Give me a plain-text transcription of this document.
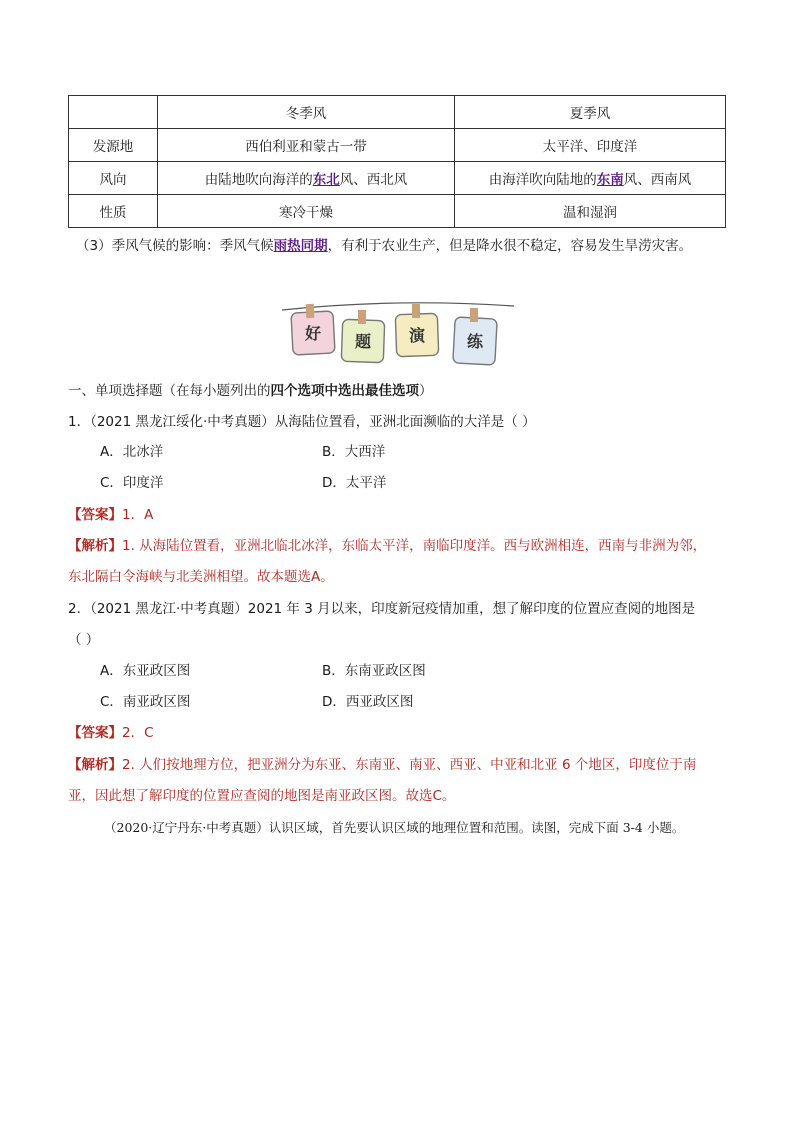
	冬季风	夏季风
发源地	西伯利亚和蒙古一带	太平洋、印度洋
风向	由陆地吹向海洋的东北风、西北风	由海洋吹向陆地的东南风、西南风
性质	寒冷干燥	温和湿润
（3）季风气候的影响：季风气候雨热同期，有利于农业生产，但是降水很不稳定，容易发生旱涝灾害。
好 题 演	练
一、单项选择题（在每小题列出的四个选项中选出最佳选项）
1．（2021 黑龙江绥化·中考真题）从海陆位置看，亚洲北面濒临的大洋是（ ）
A．北冰洋	B．大西洋
C．印度洋	D．太平洋
【答案】1．A
【解析】1. 从海陆位置看，亚洲北临北冰洋，东临太平洋，南临印度洋。西与欧洲相连，西南与非洲为邻，
东北隔白令海峡与北美洲相望。故本题选A。
2．（2021 黑龙江·中考真题）2021 年 3 月以来，印度新冠疫情加重，想了解印度的位置应查阅的地图是
（ ）
A．东亚政区图	B．东南亚政区图
C．南亚政区图	D．西亚政区图
【答案】2．C
【解析】2. 人们按地理方位，把亚洲分为东亚、东南亚、南亚、西亚、中亚和北亚 6 个地区，印度位于南
亚，因此想了解印度的位置应查阅的地图是南亚政区图。故选C。
（2020·辽宁丹东·中考真题）认识区域，首先要认识区域的地理位置和范围。读图，完成下面 3-4 小题。
